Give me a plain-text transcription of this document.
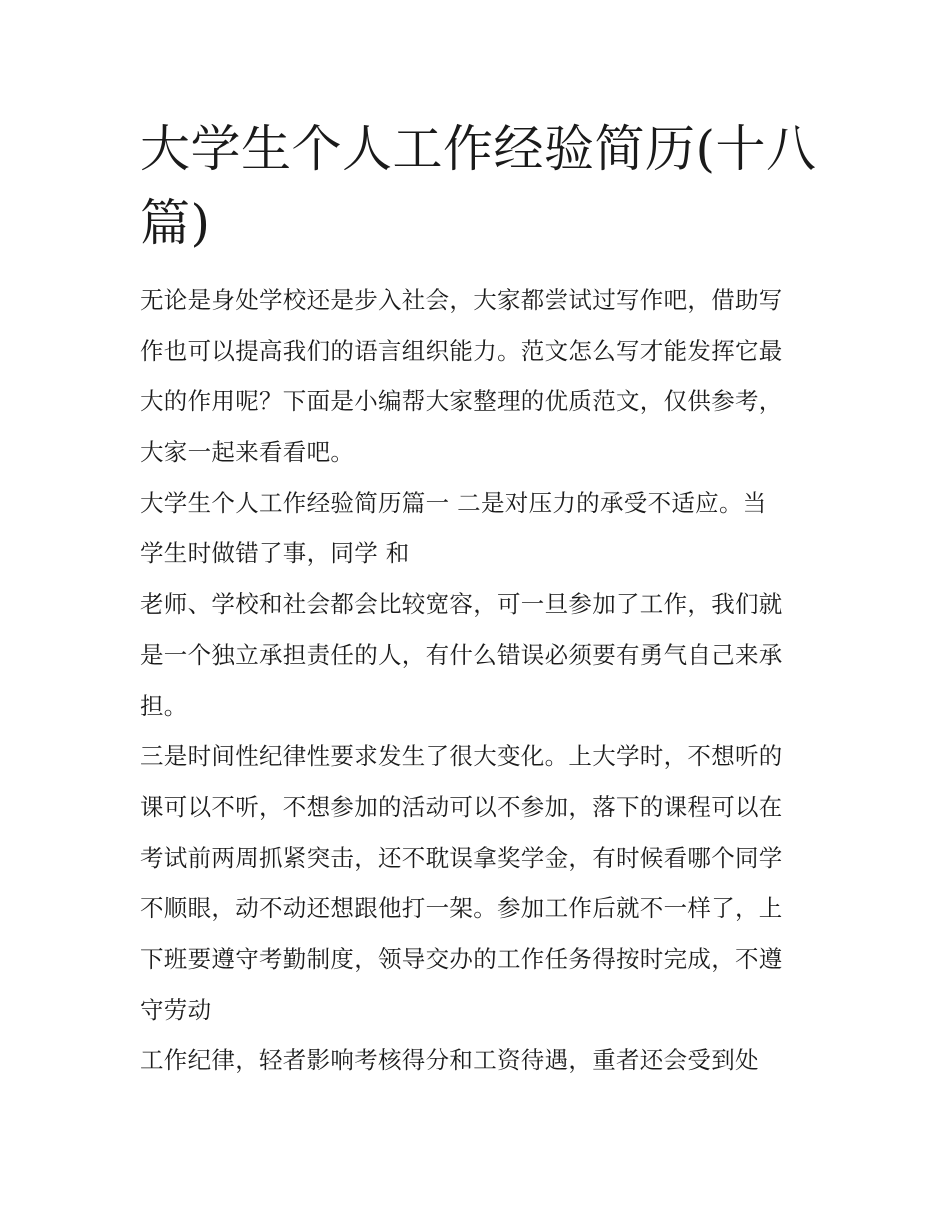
大学生个人工作经验简历(十八
篇)
无论是身处学校还是步入社会，大家都尝试过写作吧，借助写
作也可以提高我们的语言组织能力。范文怎么写才能发挥它最
大的作用呢？下面是小编帮大家整理的优质范文，仅供参考，
大家一起来看看吧。
大学生个人工作经验简历篇一 二是对压力的承受不适应。当
学生时做错了事，同学 和
老师、学校和社会都会比较宽容，可一旦参加了工作，我们就
是一个独立承担责任的人，有什么错误必须要有勇气自己来承
担。
三是时间性纪律性要求发生了很大变化。上大学时，不想听的
课可以不听，不想参加的活动可以不参加，落下的课程可以在
考试前两周抓紧突击，还不耽误拿奖学金，有时候看哪个同学
不顺眼，动不动还想跟他打一架。参加工作后就不一样了，上
下班要遵守考勤制度，领导交办的工作任务得按时完成，不遵
守劳动
工作纪律，轻者影响考核得分和工资待遇，重者还会受到处
